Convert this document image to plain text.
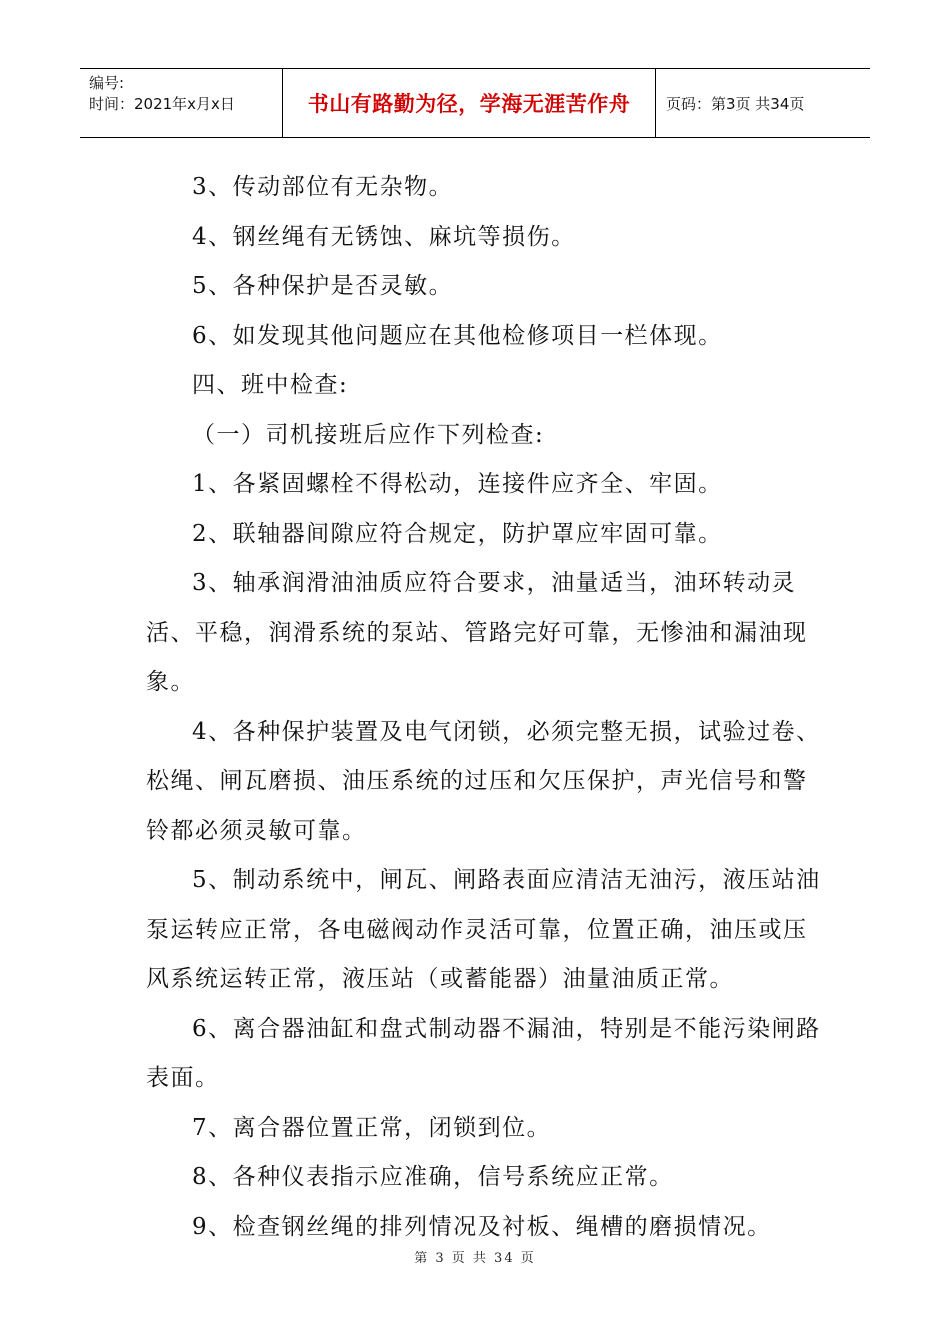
编号:
时间：2021年x月x日	书山有路勤为径，学海无涯苦作舟 页码：第3页 共34页

3、传动部位有无杂物。

4、钢丝绳有无锈蚀、麻坑等损伤。

5、各种保护是否灵敏。

6、如发现其他问题应在其他检修项目一栏体现。

四、班中检查:

（一）司机接班后应作下列检查:

1、各紧固螺栓不得松动，连接件应齐全、牢固。

2、联轴器间隙应符合规定，防护罩应牢固可靠。

3、轴承润滑油油质应符合要求，油量适当，油环转动灵活、平稳，润滑系统的泵站、管路完好可靠，无惨油和漏油现象。

4、各种保护装置及电气闭锁，必须完整无损，试验过卷、松绳、闸瓦磨损、油压系统的过压和欠压保护，声光信号和警铃都必须灵敏可靠。

5、制动系统中，闸瓦、闸路表面应清洁无油污，液压站油泵运转应正常，各电磁阀动作灵活可靠，位置正确，油压或压风系统运转正常，液压站（或蓄能器）油量油质正常。

6、离合器油缸和盘式制动器不漏油，特别是不能污染闸路表面。

7、离合器位置正常，闭锁到位。

8、各种仪表指示应准确，信号系统应正常。

9、检查钢丝绳的排列情况及衬板、绳槽的磨损情况。

第 3 页 共 34 页
